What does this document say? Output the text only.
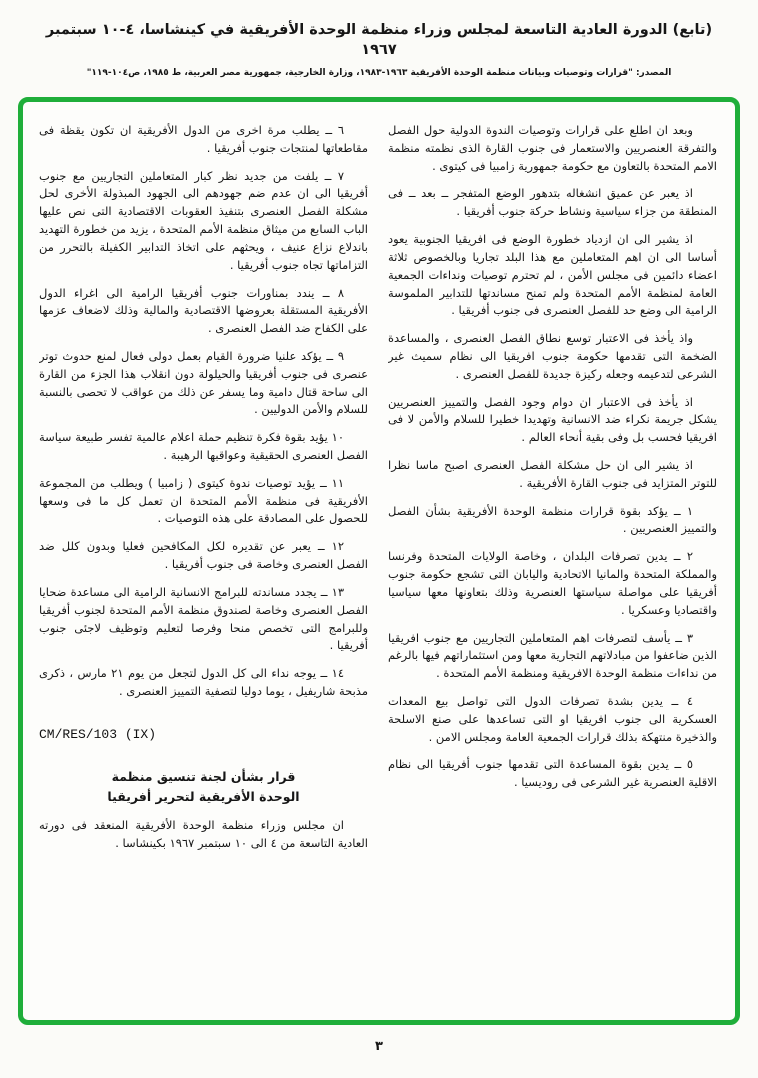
(تابع) الدورة العادية التاسعة لمجلس وزراء منظمة الوحدة الأفريقية في كينشاسا، ٤-١٠ سبتمبر ١٩٦٧
المصدر: "قرارات وتوصيات وبيانات منظمة الوحدة الأفريقية ١٩٦٣-١٩٨٣، وزارة الخارجية، جمهورية مصر العربية، ط ١٩٨٥، ص١٠٤-١١٩"

وبعد ان اطلع على قرارات وتوصيات الندوة الدولية حول الفصل والتفرقة العنصريين والاستعمار فى جنوب القارة الذى نظمته منظمة الامم المتحدة بالتعاون مع حكومة جمهورية زامبيا فى كيتوى .

اذ يعبر عن عميق انشغاله بتدهور الوضع المتفجر ــ بعد ــ فى المنطقة من جزاء سياسية ونشاط حركة جنوب أفريقيا .

اذ يشير الى ان ازدياد خطورة الوضع فى افريقيا الجنوبية يعود أساسا الى ان اهم المتعاملين مع هذا البلد تجاريا وبالخصوص ثلاثة اعضاء دائمين فى مجلس الأمن ، لم تحترم توصيات ونداءات الجمعية العامة لمنظمة الأمم المتحدة ولم تمنح مساندتها للتدابير الملموسة الرامية الى وضع حد للفصل العنصرى فى جنوب أفريقيا .

واذ يأخذ فى الاعتبار توسع نطاق الفصل العنصرى ، والمساعدة الضخمة التى تقدمها حكومة جنوب افريقيا الى نظام سميث غير الشرعى لتدعيمه وجعله ركيزة جديدة للفصل العنصرى .

اذ يأخذ فى الاعتبار ان دوام وجود الفصل والتمييز العنصريين يشكل جريمة نكراء ضد الانسانية وتهديدا خطيرا للسلام والأمن لا فى افريقيا فحسب بل وفى بقية أنحاء العالم .

اذ يشير الى ان حل مشكلة الفصل العنصرى اصبح ماسا نظرا للتوتر المتزايد فى جنوب القارة الأفريقية .

١ ــ يؤكد بقوة قرارات منظمة الوحدة الأفريقية بشأن الفصل والتمييز العنصريين .

٢ ــ يدين تصرفات البلدان ، وخاصة الولايات المتحدة وفرنسا والمملكة المتحدة والمانيا الاتحادية واليابان التى تشجع حكومة جنوب أفريقيا على مواصلة سياستها العنصرية وذلك بتعاونها معها سياسيا واقتصاديا وعسكريا .

٣ ــ يأسف لتصرفات اهم المتعاملين التجاريين مع جنوب افريقيا الذين ضاعفوا من مبادلاتهم التجارية معها ومن استثماراتهم فيها بالرغم من نداءات منظمة الوحدة الافريقية ومنظمة الأمم المتحدة .

٤ ــ يدين بشدة تصرفات الدول التى تواصل بيع المعدات العسكرية الى جنوب افريقيا او التى تساعدها على صنع الاسلحة والذخيرة منتهكة بذلك قرارات الجمعية العامة ومجلس الامن .

٥ ــ يدين بقوة المساعدة التى تقدمها جنوب أفريقيا الى نظام الاقلية العنصرية غير الشرعى فى روديسيا .

٦ ــ يطلب مرة اخرى من الدول الأفريقية ان تكون يقظة فى مقاطعاتها لمنتجات جنوب أفريقيا .

٧ ــ يلفت من جديد نظر كبار المتعاملين التجاريين مع جنوب أفريقيا الى ان عدم ضم جهودهم الى الجهود المبذولة الأخرى لحل مشكلة الفصل العنصرى بتنفيذ العقوبات الاقتصادية التى نص عليها الباب السابع من ميثاق منظمة الأمم المتحدة ، يزيد من خطورة التهديد باندلاع نزاع عنيف ، ويحثهم على اتخاذ التدابير الكفيلة بالتحرر من التزاماتها تجاه جنوب أفريقيا .

٨ ــ يندد بمناورات جنوب أفريقيا الرامية الى اغراء الدول الأفريقية المستقلة بعروضها الاقتصادية والمالية وذلك لاضعاف عزمها على الكفاح ضد الفصل العنصرى .

٩ ــ يؤكد علنيا ضرورة القيام بعمل دولى فعال لمنع حدوث توتر عنصرى فى جنوب أفريقيا والحيلولة دون انقلاب هذا الجزء من القارة الى ساحة قتال دامية وما يسفر عن ذلك من عواقب لا تحصى بالنسبة للسلام والأمن الدوليين .

١٠ يؤيد بقوة فكرة تنظيم حملة اعلام عالمية تفسر طبيعة سياسة الفصل العنصرى الحقيقية وعواقبها الرهيبة .

١١ ــ يؤيد توصيات ندوة كيتوى ( زامبيا ) ويطلب من المجموعة الأفريقية فى منظمة الأمم المتحدة ان تعمل كل ما فى وسعها للحصول على المصادقة على هذه التوصيات .

١٢ ــ يعبر عن تقديره لكل المكافحين فعليا وبدون كلل ضد الفصل العنصرى وخاصة فى جنوب أفريقيا .

١٣ ــ يجدد مساندته للبرامج الانسانية الرامية الى مساعدة ضحايا الفصل العنصرى وخاصة لصندوق منظمة الأمم المتحدة لجنوب أفريقيا وللبرامج التى تخصص منحا وفرصا لتعليم وتوظيف لاجئى جنوب أفريقيا .

١٤ ــ يوجه نداء الى كل الدول لتجعل من يوم ٢١ مارس ، ذكرى مذبحة شاريفيل ، يوما دوليا لتصفية التمييز العنصرى .

CM/RES/103 (IX)
قرار بشأن لجنة تنسيق منظمة
الوحدة الأفريقية لتحرير أفريقيا

ان مجلس وزراء منظمة الوحدة الأفريقية المنعقد فى دورته العادية التاسعة من ٤ الى ١٠ سبتمبر ١٩٦٧ بكينشاسا .

٣
